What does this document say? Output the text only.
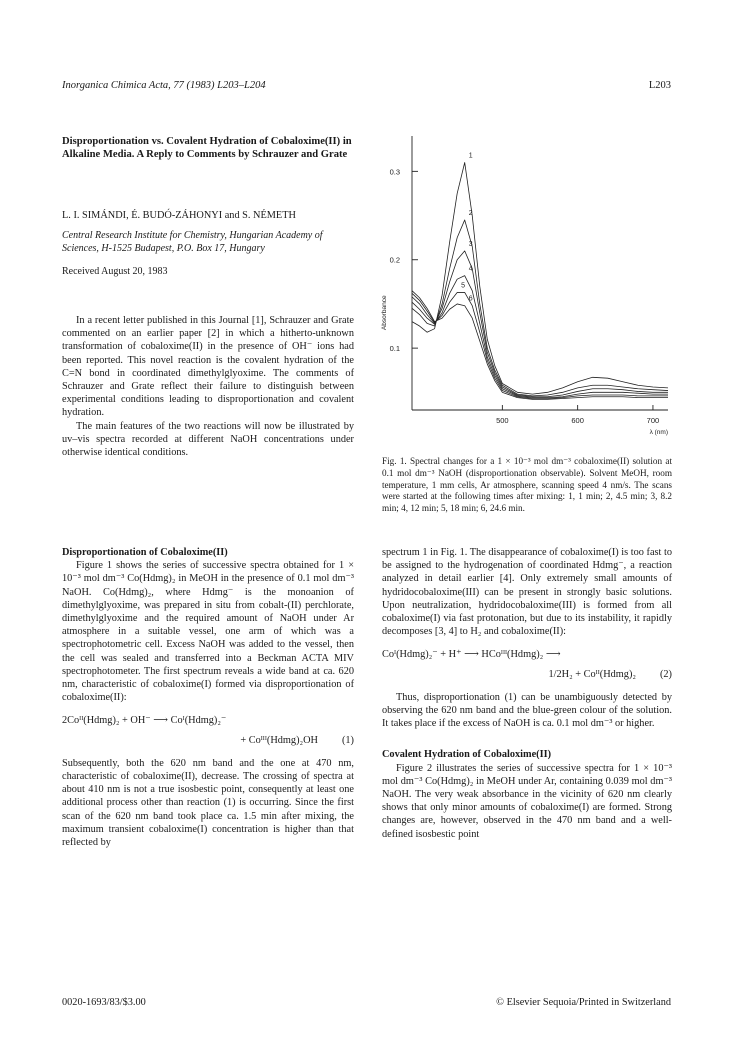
Inorganica Chimica Acta, 77 (1983) L203–L204	L203
Disproportionation vs. Covalent Hydration of Cobaloxime(II) in Alkaline Media. A Reply to Comments by Schrauzer and Grate
L. I. SIMÁNDI, É. BUDÓ-ZÁHONYI and S. NÉMETH
Central Research Institute for Chemistry, Hungarian Academy of Sciences, H-1525 Budapest, P.O. Box 17, Hungary
Received August 20, 1983

In a recent letter published in this Journal [1], Schrauzer and Grate commented on an earlier paper [2] in which a hitherto-unknown transformation of cobaloxime(II) in the presence of OH⁻ ions had been reported. This novel reaction is the covalent hydration of the C=N bond in coordinated dimethylglyoxime. The comments of Schrauzer and Grate reflect their failure to distinguish between experimental conditions leading to disproportionation and covalent hydration.

The main features of the two reactions will now be illustrated by uv–vis spectra recorded at different NaOH concentrations under otherwise identical conditions.

Disproportionation of Cobaloxime(II)

Figure 1 shows the series of successive spectra obtained for 1 × 10⁻³ mol dm⁻³ Co(Hdmg)₂ in MeOH in the presence of 0.1 mol dm⁻³ NaOH. Co(Hdmg)₂, where Hdmg⁻ is the monoanion of dimethylglyoxime, was prepared in situ from cobalt-(II) perchlorate, dimethylglyoxime and the required amount of NaOH under Ar atmosphere in a suitable vessel, one arm of which was a spectrophotometric cell. Excess NaOH was added to the vessel, then the cell was sealed and transferred into a Beckman ACTA MIV spectrophotometer. The first spectrum reveals a wide band at ca. 620 nm, characteristic of cobaloxime(I) formed via disproportionation of cobaloxime(II):

2Coᴵᴵ(Hdmg)₂ + OH⁻ ⟶ Coᴵ(Hdmg)₂⁻
+ Coᴵᴵᴵ(Hdmg)₂OH (1)

Subsequently, both the 620 nm band and the one at 470 nm, characteristic of cobaloxime(II), decrease. The crossing of spectra at about 410 nm is not a true isosbestic point, consequently at least one additional process other than reaction (1) is occurring. Since the first scan of the 620 nm band took place ca. 1.5 min after mixing, the maximum transient cobaloxime(I) concentration is higher than that reflected by

0.1
0.2
0.3
500	600	700
Absorbance
λ (nm)
1
2
3
4
5
6
Fig. 1. Spectral changes for a 1 × 10⁻³ mol dm⁻³ cobaloxime(II) solution at 0.1 mol dm⁻³ NaOH (disproportionation observable). Solvent MeOH, room temperature, 1 mm cells, Ar atmosphere, scanning speed 4 nm/s. The scans were started at the following times after mixing: 1, 1 min; 2, 4.5 min; 3, 8.2 min; 4, 12 min; 5, 18 min; 6, 24.6 min.

spectrum 1 in Fig. 1. The disappearance of cobaloxime(I) is too fast to be assigned to the hydrogenation of coordinated Hdmg⁻, a reaction analyzed in detail earlier [4]. Only extremely small amounts of hydridocobaloxime(III) can be present in strongly basic solutions. Upon neutralization, hydridocobaloxime(III) is formed from all cobaloxime(I) via fast protonation, but due to its instability, it rapidly decomposes [3, 4] to H₂ and cobaloxime(II):

Coᴵ(Hdmg)₂⁻ + H⁺ ⟶ HCoᴵᴵᴵ(Hdmg)₂ ⟶
1/2H₂ + Coᴵᴵ(Hdmg)₂ (2)

Thus, disproportionation (1) can be unambiguously detected by observing the 620 nm band and the blue-green colour of the solution. It takes place if the excess of NaOH is ca. 0.1 mol dm⁻³ or higher.

Covalent Hydration of Cobaloxime(II)

Figure 2 illustrates the series of successive spectra for 1 × 10⁻³ mol dm⁻³ Co(Hdmg)₂ in MeOH under Ar, containing 0.039 mol dm⁻³ NaOH. The very weak absorbance in the vicinity of 620 nm clearly shows that only minor amounts of cobaloxime(I) are formed. Strong changes are, however, observed in the 470 nm band and a well-defined isosbestic point

0020-1693/83/$3.00	© Elsevier Sequoia/Printed in Switzerland
